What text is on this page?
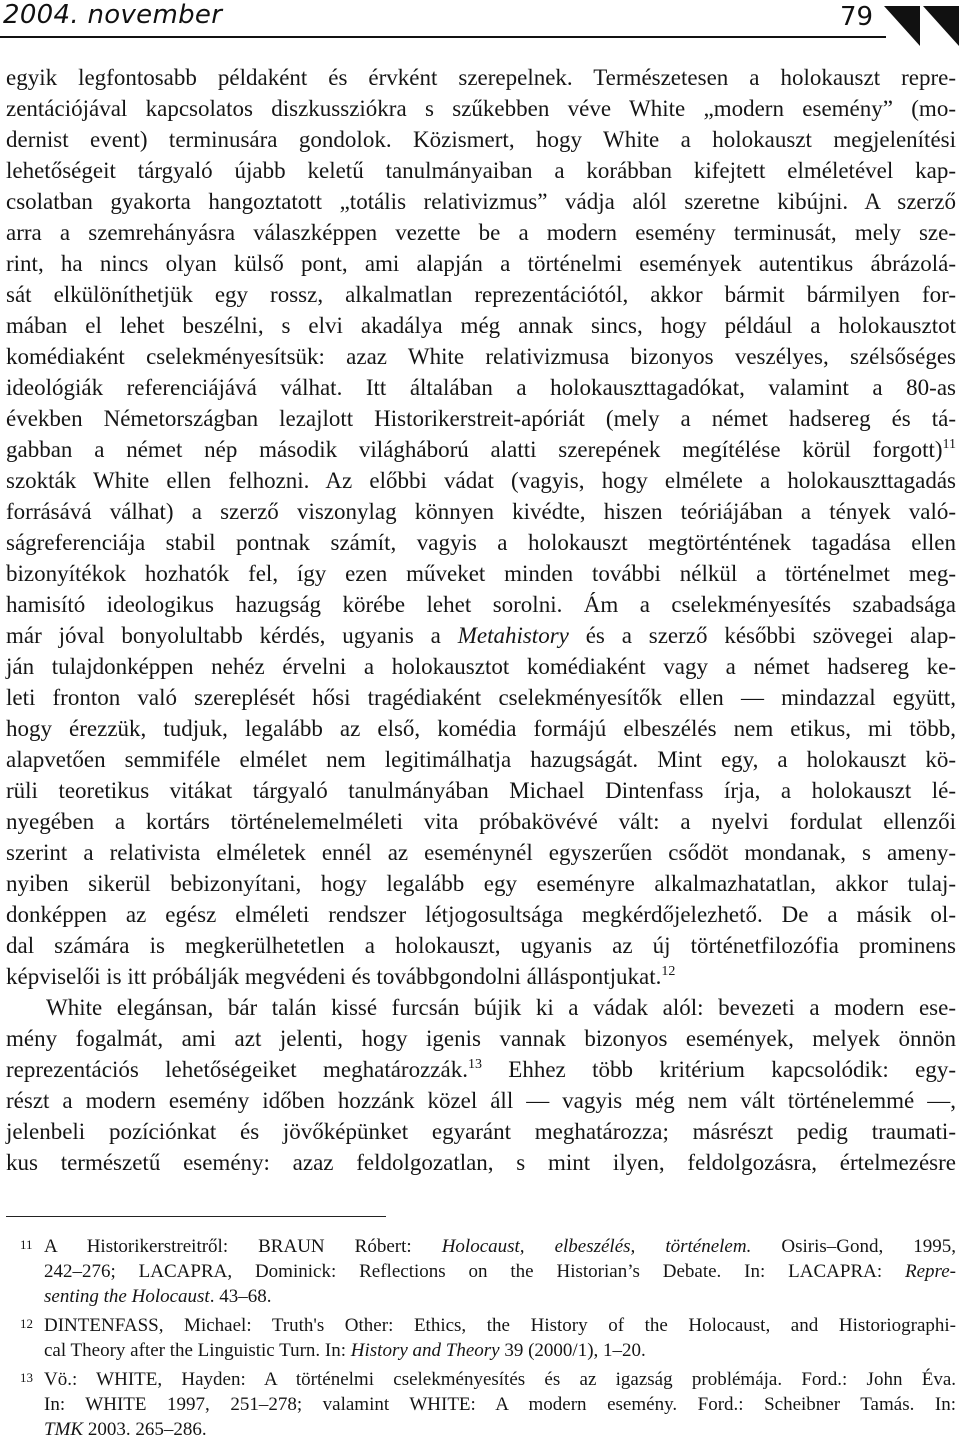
2004. november	79
egyik legfontosabb példaként és érvként szerepelnek. Természetesen a holokauszt repre-
zentációjával kapcsolatos diszkussziókra s szűkebben véve White „modern esemény” (mo-
dernist event) terminusára gondolok. Közismert, hogy White a holokauszt megjelenítési
lehetőségeit tárgyaló újabb keletű tanulmányaiban a korábban kifejtett elméletével kap-
csolatban gyakorta hangoztatott „totális relativizmus” vádja alól szeretne kibújni. A szerző
arra a szemrehányásra válaszképpen vezette be a modern esemény terminusát, mely sze-
rint, ha nincs olyan külső pont, ami alapján a történelmi események autentikus ábrázolá-
sát elkülöníthetjük egy rossz, alkalmatlan reprezentációtól, akkor bármit bármilyen for-
mában el lehet beszélni, s elvi akadálya még annak sincs, hogy például a holokausztot
komédiaként cselekményesítsük: azaz White relativizmusa bizonyos veszélyes, szélsőséges
ideológiák referenciájává válhat. Itt általában a holokauszttagadókat, valamint a 80-as
években Németországban lezajlott Historikerstreit-apóriát (mely a német hadsereg és tá-
gabban a német nép második világháború alatti szerepének megítélése körül forgott)$^{11}$
szokták White ellen felhozni. Az előbbi vádat (vagyis, hogy elmélete a holokauszttagadás
forrásává válhat) a szerző viszonylag könnyen kivédte, hiszen teóriájában a tények való-
ságreferenciája stabil pontnak számít, vagyis a holokauszt megtörténtének tagadása ellen
bizonyítékok hozhatók fel, így ezen műveket minden további nélkül a történelmet meg-
hamisító ideologikus hazugság körébe lehet sorolni. Ám a cselekményesítés szabadsága
már jóval bonyolultabb kérdés, ugyanis a Metahistory és a szerző későbbi szövegei alap-
ján tulajdonképpen nehéz érvelni a holokausztot komédiaként vagy a német hadsereg ke-
leti fronton való szereplését hősi tragédiaként cselekményesítők ellen — mindazzal együtt,
hogy érezzük, tudjuk, legalább az első, komédia formájú elbeszélés nem etikus, mi több,
alapvetően semmiféle elmélet nem legitimálhatja hazugságát. Mint egy, a holokauszt kö-
rüli teoretikus vitákat tárgyaló tanulmányában Michael Dintenfass írja, a holokauszt lé-
nyegében a kortárs történelemelméleti vita próbakövévé vált: a nyelvi fordulat ellenzői
szerint a relativista elméletek ennél az eseménynél egyszerűen csődöt mondanak, s ameny-
nyiben sikerül bebizonyítani, hogy legalább egy eseményre alkalmazhatatlan, akkor tulaj-
donképpen az egész elméleti rendszer létjogosultsága megkérdőjelezhető. De a másik ol-
dal számára is megkerülhetetlen a holokauszt, ugyanis az új történetfilozófia prominens
képviselői is itt próbálják megvédeni és továbbgondolni álláspontjukat.$^{12}$
White elegánsan, bár talán kissé furcsán bújik ki a vádak alól: bevezeti a modern ese-
mény fogalmát, ami azt jelenti, hogy igenis vannak bizonyos események, melyek önnön
reprezentációs lehetőségeiket meghatározzák.$^{13}$ Ehhez több kritérium kapcsolódik: egy-
részt a modern esemény időben hozzánk közel áll — vagyis még nem vált történelemmé —,
jelenbeli pozíciónkat és jövőképünket egyaránt meghatározza; másrészt pedig traumati-
kus természetű esemény: azaz feldolgozatlan, s mint ilyen, feldolgozásra, értelmezésre
11 A Historikerstreitről: BRAUN Róbert: Holocaust, elbeszélés, történelem. Osiris–Gond, 1995,
242–276; LACAPRA, Dominick: Reflections on the Historian’s Debate. In: LACAPRA: Repre-
senting the Holocaust. 43–68.
12 DINTENFASS, Michael: Truth's Other: Ethics, the History of the Holocaust, and Historiographi-
cal Theory after the Linguistic Turn. In: History and Theory 39 (2000/1), 1–20.
13 Vö.: WHITE, Hayden: A történelmi cselekményesítés és az igazság problémája. Ford.: John Éva.
In: WHITE 1997, 251–278; valamint WHITE: A modern esemény. Ford.: Scheibner Tamás. In:
TMK 2003. 265–286.
